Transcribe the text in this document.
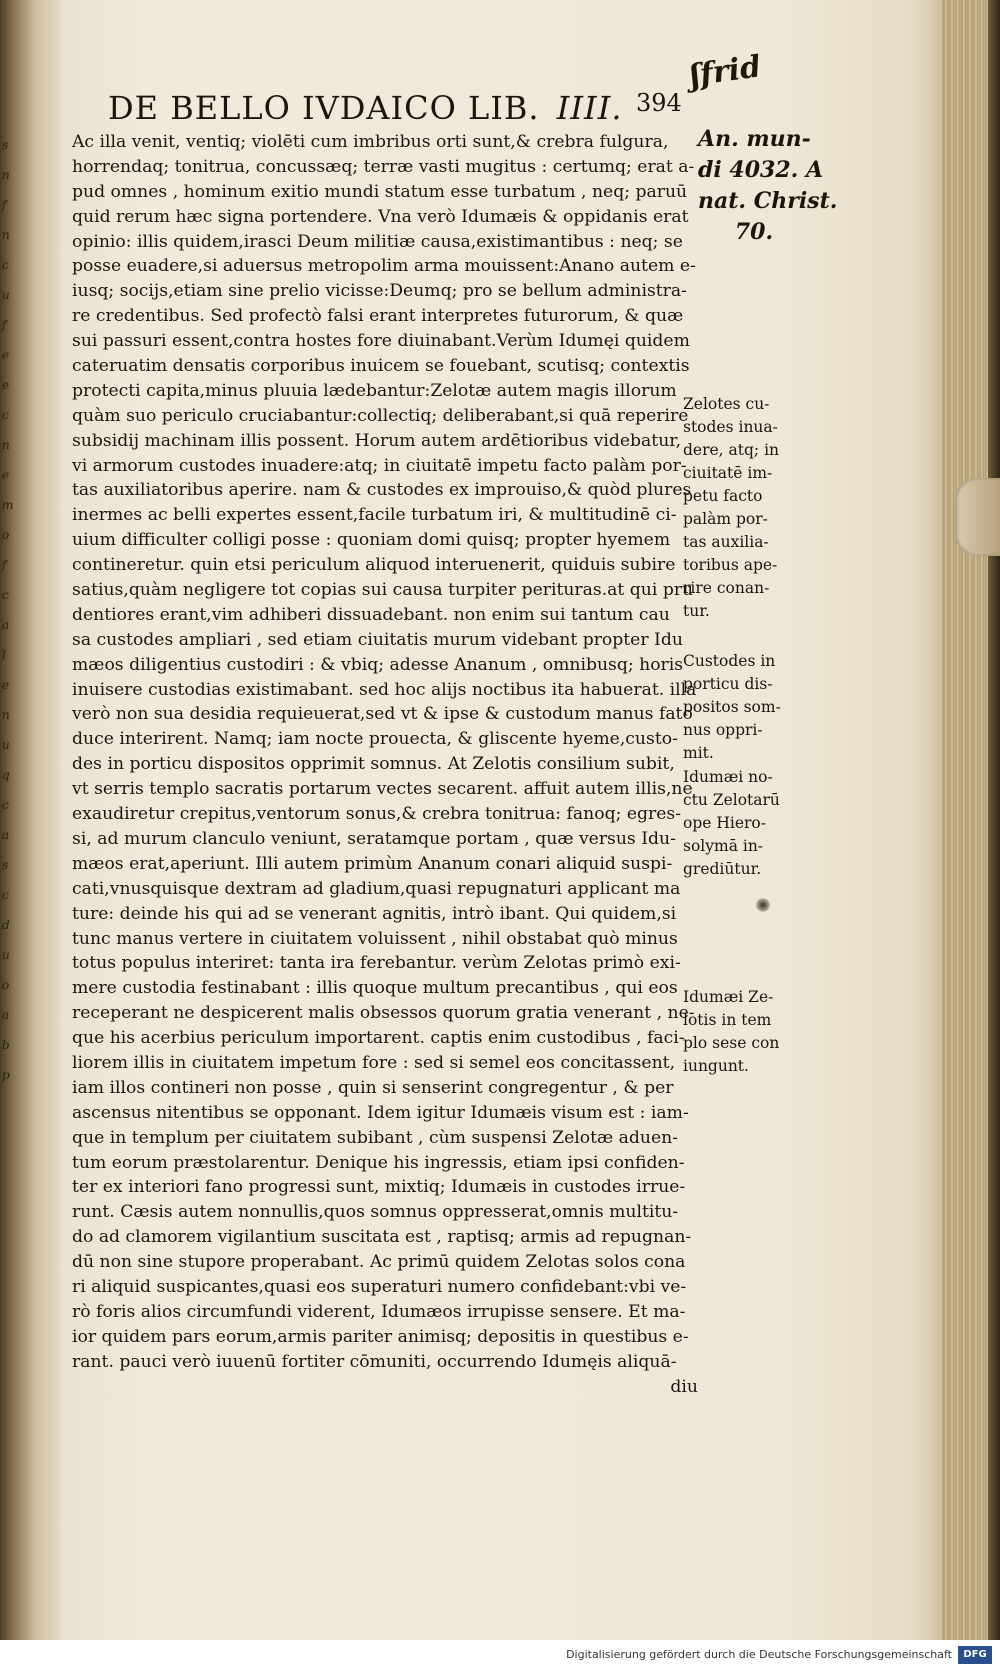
s
n
f
n
c
u
f
e
e
c
n
e
m
o
f
c
a
l
e
n
u
q
c
a
s
c
d
u
o
a
b
p
ʃfrid
DE BELLO IVDAICO LIB. IIII. 394
An. mun-
di 4032. A
nat. Christ.
70.
Ac illa venit, ventiq; violēti cum imbribus orti sunt,& crebra fulgura,
horrendaq; tonitrua, concussæq; terræ vasti mugitus : certumq; erat a-
pud omnes , hominum exitio mundi statum esse turbatum , neq; paruū
quid rerum hæc signa portendere. Vna verò Idumæis & oppidanis erat
opinio: illis quidem,irasci Deum militiæ causa,existimantibus : neq; se
posse euadere,si aduersus metropolim arma mouissent:Anano autem e-
iusq; socijs,etiam sine prelio vicisse:Deumq; pro se bellum administra-
re credentibus. Sed profectò falsi erant interpretes futurorum, & quæ
sui passuri essent,contra hostes fore diuinabant.Verùm Idumęi quidem
cateruatim densatis corporibus inuicem se fouebant, scutisq; contextis
protecti capita,minus pluuia lædebantur:Zelotæ autem magis illorum
quàm suo periculo cruciabantur:collectiq; deliberabant,si quā reperire
subsidij machinam illis possent. Horum autem ardētioribus videbatur,
vi armorum custodes inuadere:atq; in ciuitatē impetu facto palàm por-
tas auxiliatoribus aperire. nam & custodes ex improuiso,& quòd plures
inermes ac belli expertes essent,facile turbatum iri, & multitudinē ci-
uium difficulter colligi posse : quoniam domi quisq; propter hyemem
contineretur. quin etsi periculum aliquod interuenerit, quiduis subire
satius,quàm negligere tot copias sui causa turpiter perituras.at qui pru
dentiores erant,vim adhiberi dissuadebant. non enim sui tantum cau
sa custodes ampliari , sed etiam ciuitatis murum videbant propter Idu
mæos diligentius custodiri : & vbiq; adesse Ananum , omnibusq; horis
inuisere custodias existimabant. sed hoc alijs noctibus ita habuerat. illa
verò non sua desidia requieuerat,sed vt & ipse & custodum manus fato
duce interirent. Namq; iam nocte prouecta, & gliscente hyeme,custo-
des in porticu dispositos opprimit somnus. At Zelotis consilium subit,
vt serris templo sacratis portarum vectes secarent. affuit autem illis,ne
exaudiretur crepitus,ventorum sonus,& crebra tonitrua: fanoq; egres-
si, ad murum clanculo veniunt, seratamque portam , quæ versus Idu-
mæos erat,aperiunt. Illi autem primùm Ananum conari aliquid suspi-
cati,vnusquisque dextram ad gladium,quasi repugnaturi applicant ma
ture: deinde his qui ad se venerant agnitis, intrò ibant. Qui quidem,si
tunc manus vertere in ciuitatem voluissent , nihil obstabat quò minus
totus populus interiret: tanta ira ferebantur. verùm Zelotas primò exi-
mere custodia festinabant : illis quoque multum precantibus , qui eos
receperant ne despicerent malis obsessos quorum gratia venerant , ne-
que his acerbius periculum importarent. captis enim custodibus , faci-
liorem illis in ciuitatem impetum fore : sed si semel eos concitassent,
iam illos contineri non posse , quin si senserint congregentur , & per
ascensus nitentibus se opponant. Idem igitur Idumæis visum est : iam-
que in templum per ciuitatem subibant , cùm suspensi Zelotæ aduen-
tum eorum præstolarentur. Denique his ingressis, etiam ipsi confiden-
ter ex interiori fano progressi sunt, mixtiq; Idumæis in custodes irrue-
runt. Cæsis autem nonnullis,quos somnus oppresserat,omnis multitu-
do ad clamorem vigilantium suscitata est , raptisq; armis ad repugnan-
dū non sine stupore properabant. Ac primū quidem Zelotas solos cona
ri aliquid suspicantes,quasi eos superaturi numero confidebant:vbi ve-
rò foris alios circumfundi viderent, Idumæos irrupisse sensere. Et ma-
ior quidem pars eorum,armis pariter animisq; depositis in questibus e-
rant. pauci verò iuuenū fortiter cōmuniti, occurrendo Idumęis aliquā-
diu
Zelotes cu-
stodes inua-
dere, atq; in
ciuitatē im-
petu facto
palàm por-
tas auxilia-
toribus ape-
rire conan-
tur.
Custodes in
porticu dis-
positos som-
nus oppri-
mit.
Idumæi no-
ctu Zelotarū
ope Hiero-
solymā in-
grediūtur.
Idumæi Ze-
lotis in tem
plo sese con
iungunt.
Digitalisierung gefördert durch die Deutsche Forschungsgemeinschaft	DFG
